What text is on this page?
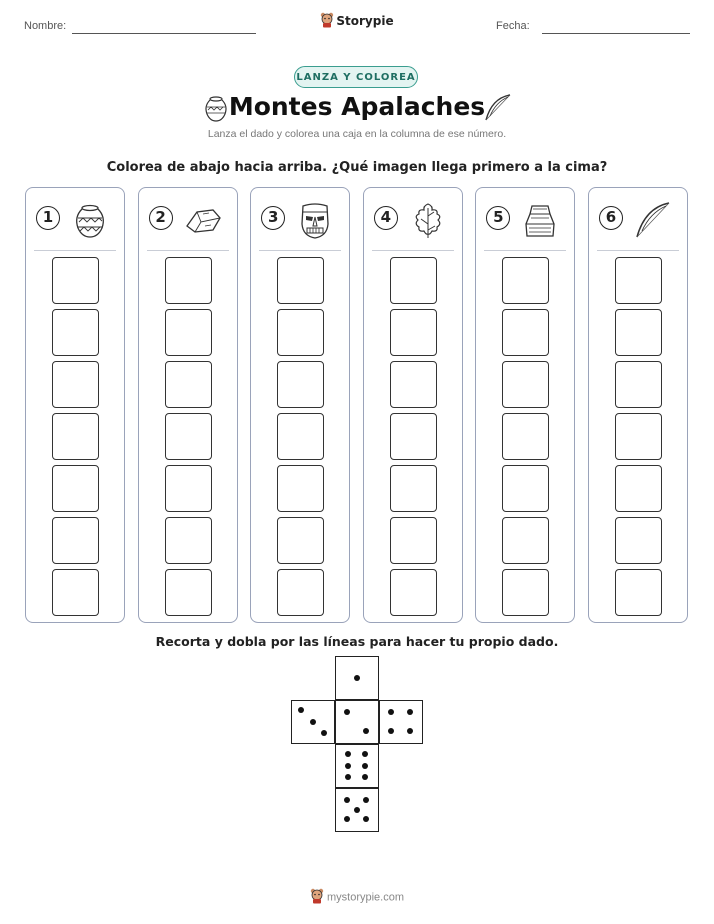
Nombre:	Storypie	Fecha:
LANZA Y COLOREA
Montes Apalaches
Lanza el dado y colorea una caja en la columna de ese número.
Colorea de abajo hacia arriba. ¿Qué imagen llega primero a la cima?
1	2	3	4	5	6
Recorta y dobla por las líneas para hacer tu propio dado.
mystorypie.com
